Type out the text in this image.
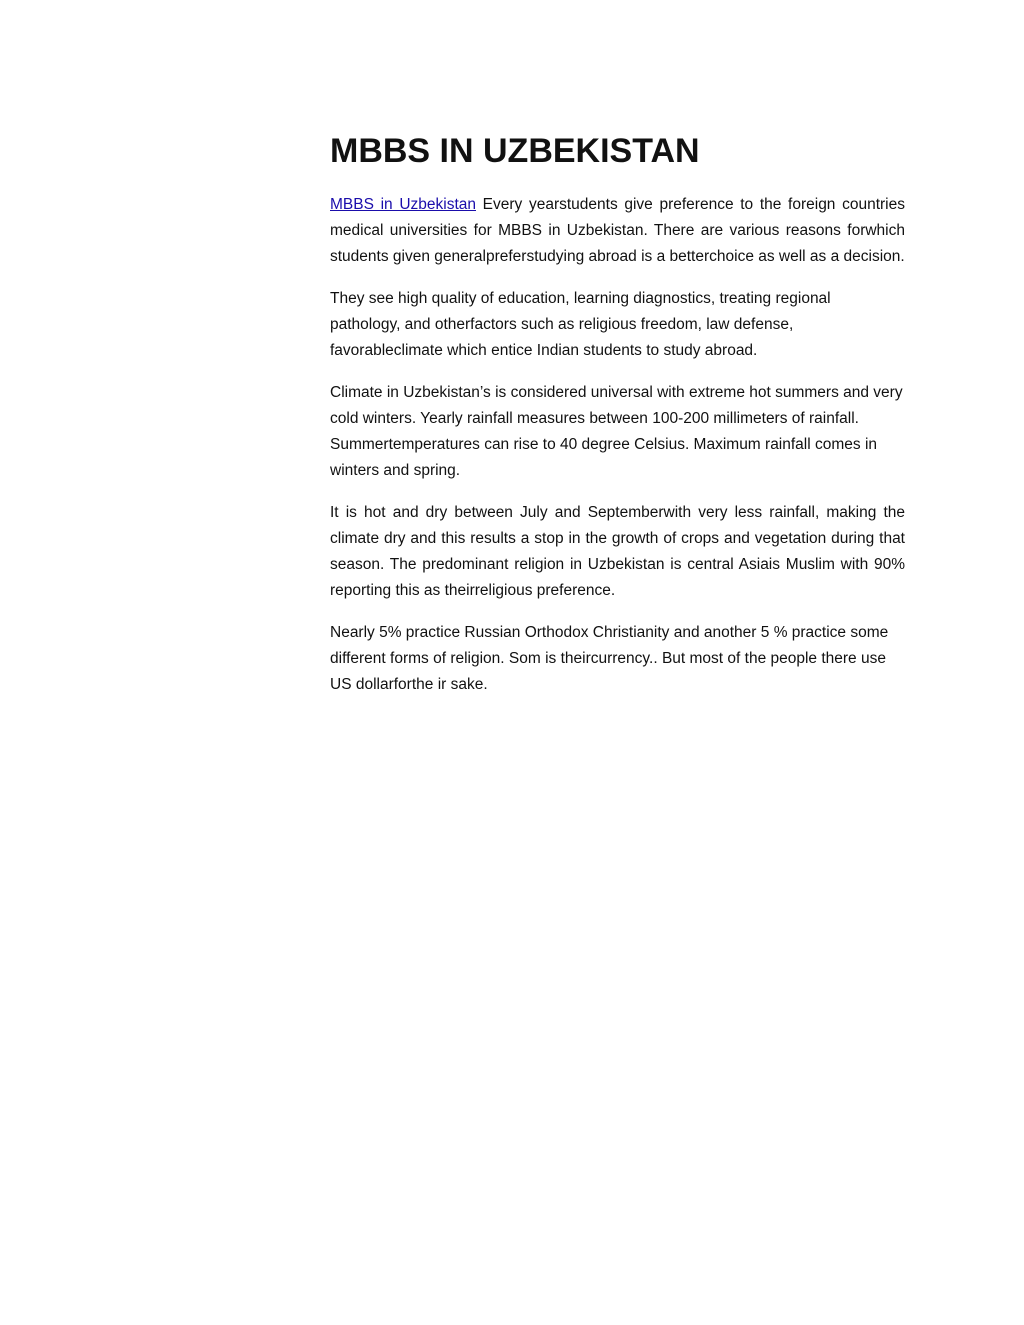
MBBS IN UZBEKISTAN

MBBS in Uzbekistan Every yearstudents give preference to the foreign countries medical universities for MBBS in Uzbekistan. There are various reasons forwhich students given generalpreferstudying abroad is a betterchoice as well as a decision.

They see high quality of education, learning diagnostics, treating regional pathology, and otherfactors such as religious freedom, law defense, favorableclimate which entice Indian students to study abroad.

Climate in Uzbekistan’s is considered universal with extreme hot summers and very cold winters. Yearly rainfall measures between 100-200 millimeters of rainfall. Summertemperatures can rise to 40 degree Celsius. Maximum rainfall comes in winters and spring.

It is hot and dry between July and Septemberwith very less rainfall, making the climate dry and this results a stop in the growth of crops and vegetation during that season. The predominant religion in Uzbekistan is central Asiais Muslim with 90% reporting this as theirreligious preference.

Nearly 5% practice Russian Orthodox Christianity and another 5 % practice some different forms of religion. Som is theircurrency.. But most of the people there use US dollarforthe ir sake.
